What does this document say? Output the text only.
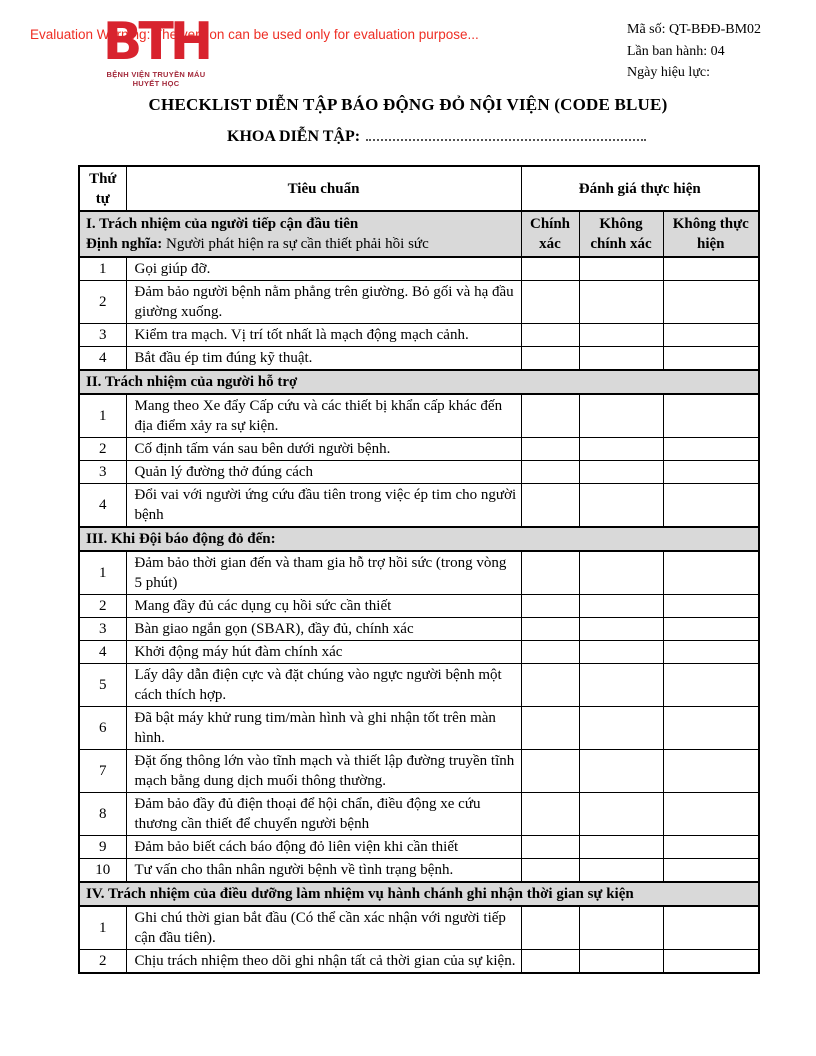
Evaluation Warning: The version can be used only for evaluation purpose...
BTH
BỆNH VIỆN TRUYỀN MÁU
HUYẾT HỌC
Mã số: QT-BĐĐ-BM02
Lần ban hành: 04
Ngày hiệu lực:
CHECKLIST DIỄN TẬP BÁO ĐỘNG ĐỎ NỘI VIỆN (CODE BLUE)
KHOA DIỄN TẬP:
Thứ tự	Tiêu chuẩn	Đánh giá thực hiện		

I. Trách nhiệm của người tiếp cận đầu tiên
Định nghĩa: Người phát hiện ra sự cần thiết phải hồi sức		Chính xác	Không chính xác	Không thực hiện
1	Gọi giúp đỡ.			
2	Đảm bảo người bệnh nằm phẳng trên giường. Bỏ gối và hạ đầu giường xuống.			
3	Kiểm tra mạch. Vị trí tốt nhất là mạch động mạch cảnh.			
4	Bắt đầu ép tim đúng kỹ thuật.			
II. Trách nhiệm của người hỗ trợ				
1	Mang theo Xe đẩy Cấp cứu và các thiết bị khẩn cấp khác đến địa điểm xảy ra sự kiện.			
2	Cố định tấm ván sau bên dưới người bệnh.			
3	Quản lý đường thở đúng cách			
4	Đổi vai với người ứng cứu đầu tiên trong việc ép tim cho người bệnh			
III. Khi Đội báo động đỏ đến:				
1	Đảm bảo thời gian đến và tham gia hỗ trợ hồi sức (trong vòng 5 phút)			
2	Mang đầy đủ các dụng cụ hồi sức cần thiết			
3	Bàn giao ngắn gọn (SBAR), đầy đủ, chính xác			
4	Khởi động máy hút đàm chính xác			
5	Lấy dây dẫn điện cực và đặt chúng vào ngực người bệnh một cách thích hợp.			
6	Đã bật máy khử rung tim/màn hình và ghi nhận tốt trên màn hình.			
7	Đặt ống thông lớn vào tĩnh mạch và thiết lập đường truyền tĩnh mạch bằng dung dịch muối thông thường.			
8	Đảm bảo đầy đủ điện thoại để hội chẩn, điều động xe cứu thương cần thiết để chuyển người bệnh			
9	Đảm bảo biết cách báo động đỏ liên viện khi cần thiết			
10	Tư vấn cho thân nhân người bệnh về tình trạng bệnh.			
IV. Trách nhiệm của điều dưỡng làm nhiệm vụ hành chánh ghi nhận thời gian sự kiện				
1	Ghi chú thời gian bắt đầu (Có thể cần xác nhận với người tiếp cận đầu tiên).			
2	Chịu trách nhiệm theo dõi ghi nhận tất cả thời gian của sự kiện.			
